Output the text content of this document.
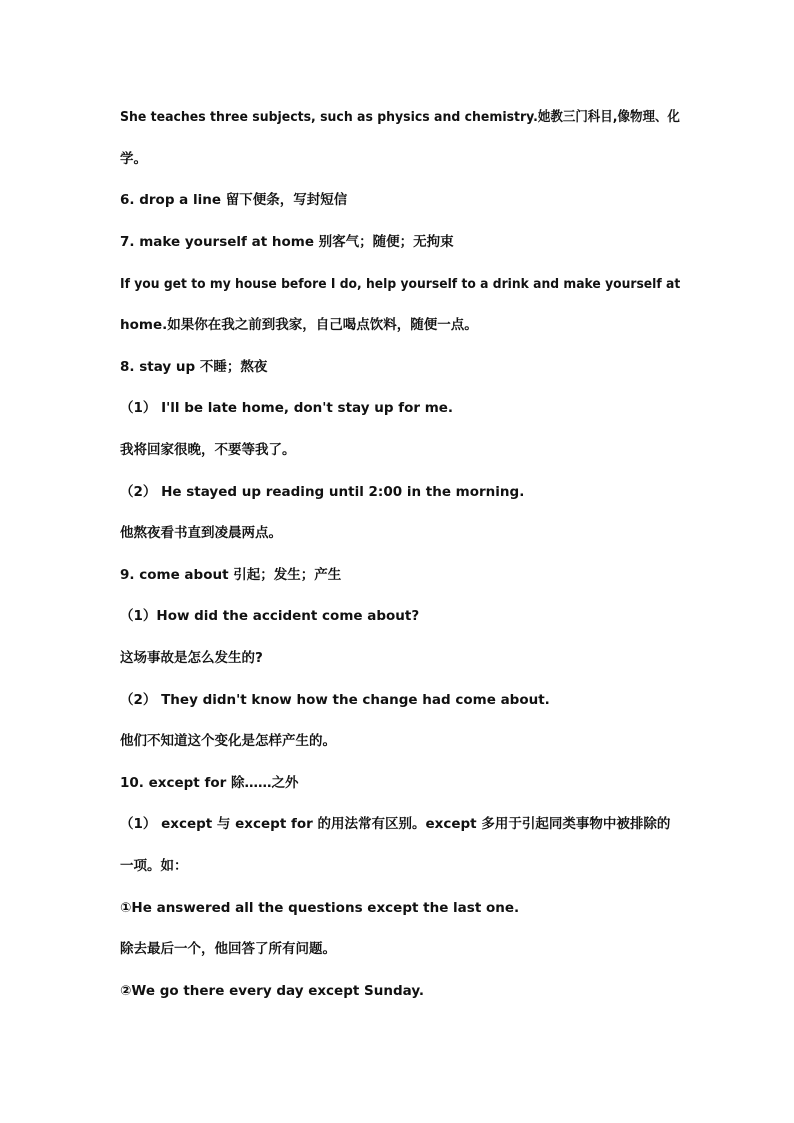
She teaches three subjects, such as physics and chemistry.她教三门科目,像物理、化
学。
6. drop a line 留下便条，写封短信
7. make yourself at home 别客气；随便；无拘束
If you get to my house before I do, help yourself to a drink and make yourself at
home.如果你在我之前到我家，自己喝点饮料，随便一点。
8. stay up 不睡；熬夜
（1） I'll be late home, don't stay up for me.
我将回家很晚，不要等我了。
（2） He stayed up reading until 2:00 in the morning.
他熬夜看书直到凌晨两点。
9. come about 引起；发生；产生
（1）How did the accident come about?
这场事故是怎么发生的?
（2） They didn't know how the change had come about.
他们不知道这个变化是怎样产生的。
10. except for 除……之外
（1） except 与 except for 的用法常有区别。except 多用于引起同类事物中被排除的
一项。如：
①He answered all the questions except the last one.
除去最后一个，他回答了所有问题。
②We go there every day except Sunday.
